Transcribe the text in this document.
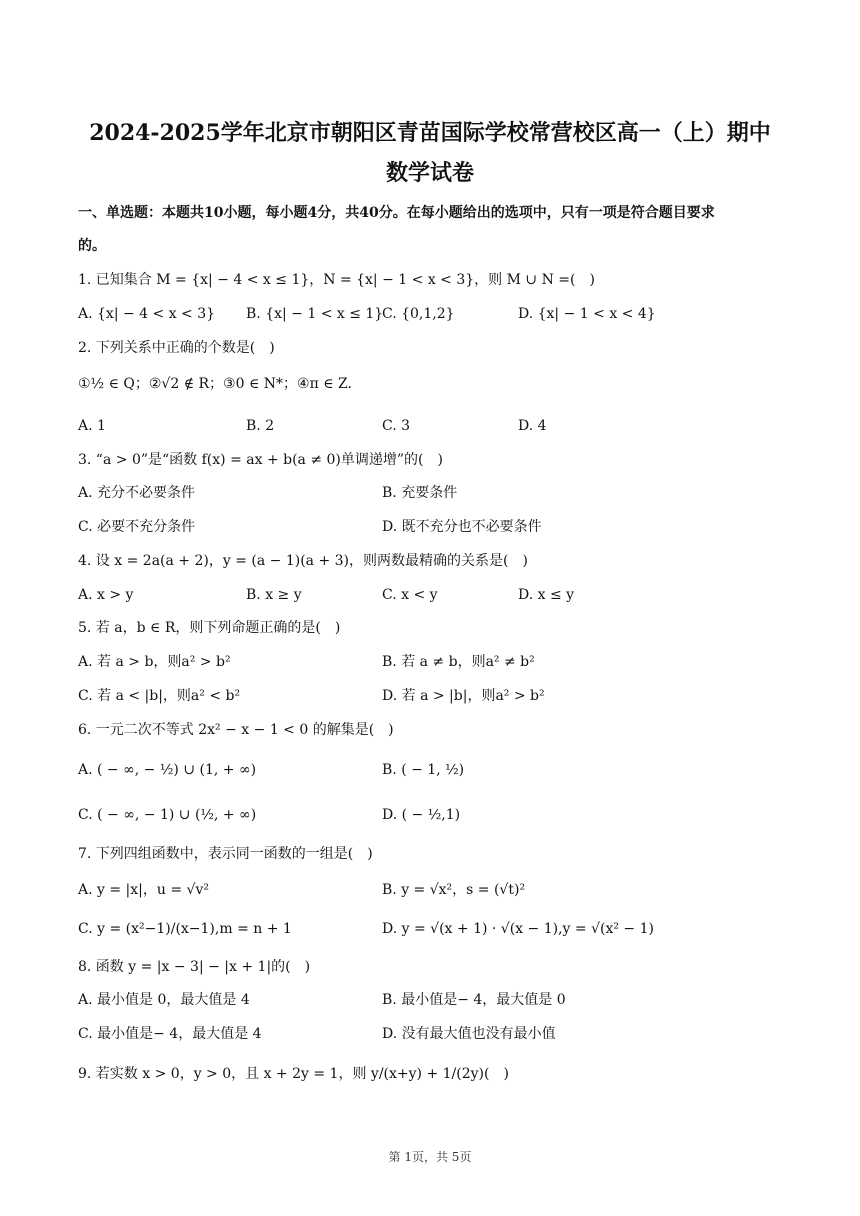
2024-2025学年北京市朝阳区青苗国际学校常营校区高一（上）期中
数学试卷
一、单选题：本题共10小题，每小题4分，共40分。在每小题给出的选项中，只有一项是符合题目要求
的。
1. 已知集合 M = {x| − 4 < x ≤ 1}，N = {x| − 1 < x < 3}，则 M ∪ N =(　)
A. {x| − 4 < x < 3} B. {x| − 1 < x ≤ 1}
C. {0,1,2}	D. {x| − 1 < x < 4}
2. 下列关系中正确的个数是(　)
①½ ∈ Q；②√2 ∉ R；③0 ∈ N*；④π ∈ Z.
A. 1	B. 2	C. 3	D. 4
3. “a > 0”是“函数 f(x) = ax + b(a ≠ 0)单调递增”的(　)
A. 充分不必要条件	B. 充要条件
C. 必要不充分条件	D. 既不充分也不必要条件
4. 设 x = 2a(a + 2)，y = (a − 1)(a + 3)，则两数最精确的关系是(　)
A. x > y	B. x ≥ y	C. x < y	D. x ≤ y
5. 若 a，b ∈ R，则下列命题正确的是(　)
A. 若 a > b，则a² > b²	B. 若 a ≠ b，则a² ≠ b²
C. 若 a < |b|，则a² < b²	D. 若 a > |b|，则a² > b²
6. 一元二次不等式 2x² − x − 1 < 0 的解集是(　)
A. ( − ∞, − ½) ∪ (1, + ∞)	B. ( − 1, ½)
C. ( − ∞, − 1) ∪ (½, + ∞)	D. ( − ½,1)
7. 下列四组函数中，表示同一函数的一组是(　)
A. y = |x|，u = √v²	B. y = √x²，s = (√t)²
C. y = (x²−1)/(x−1),m = n + 1	D. y = √(x + 1) · √(x − 1),y = √(x² − 1)
8. 函数 y = |x − 3| − |x + 1|的(　)
A. 最小值是 0，最大值是 4	B. 最小值是− 4，最大值是 0
C. 最小值是− 4，最大值是 4	D. 没有最大值也没有最小值
9. 若实数 x > 0，y > 0，且 x + 2y = 1，则 y/(x+y) + 1/(2y)(　)
第 1页，共 5页
